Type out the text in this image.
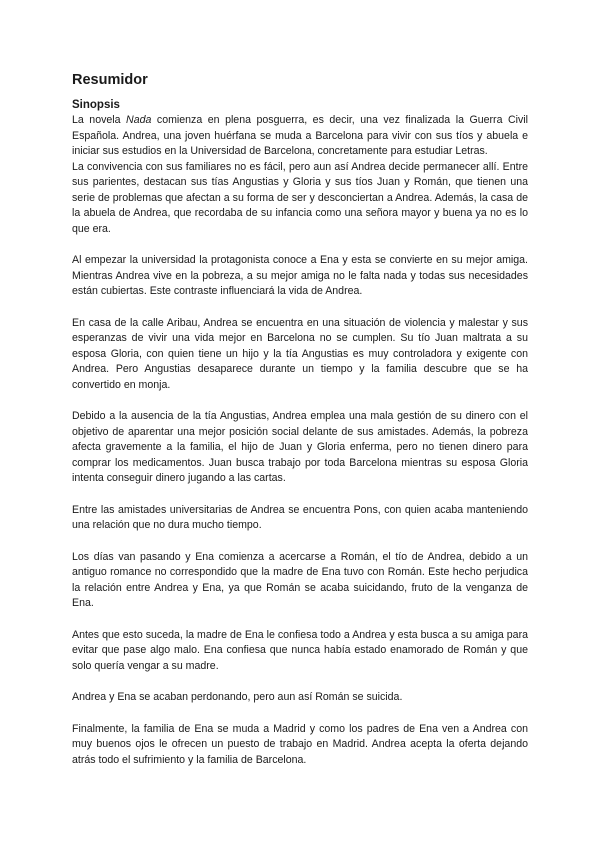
Resumidor
Sinopsis

La novela Nada comienza en plena posguerra, es decir, una vez finalizada la Guerra Civil Española. Andrea, una joven huérfana se muda a Barcelona para vivir con sus tíos y abuela e iniciar sus estudios en la Universidad de Barcelona, concretamente para estudiar Letras.

La convivencia con sus familiares no es fácil, pero aun así Andrea decide permanecer allí. Entre sus parientes, destacan sus tías Angustias y Gloria y sus tíos Juan y Román, que tienen una serie de problemas que afectan a su forma de ser y desconciertan a Andrea. Además, la casa de la abuela de Andrea, que recordaba de su infancia como una señora mayor y buena ya no es lo que era.

Al empezar la universidad la protagonista conoce a Ena y esta se convierte en su mejor amiga. Mientras Andrea vive en la pobreza, a su mejor amiga no le falta nada y todas sus necesidades están cubiertas. Este contraste influenciará la vida de Andrea.

En casa de la calle Aribau, Andrea se encuentra en una situación de violencia y malestar y sus esperanzas de vivir una vida mejor en Barcelona no se cumplen. Su tío Juan maltrata a su esposa Gloria, con quien tiene un hijo y la tía Angustias es muy controladora y exigente con Andrea. Pero Angustias desaparece durante un tiempo y la familia descubre que se ha convertido en monja.

Debido a la ausencia de la tía Angustias, Andrea emplea una mala gestión de su dinero con el objetivo de aparentar una mejor posición social delante de sus amistades. Además, la pobreza afecta gravemente a la familia, el hijo de Juan y Gloria enferma, pero no tienen dinero para comprar los medicamentos. Juan busca trabajo por toda Barcelona mientras su esposa Gloria intenta conseguir dinero jugando a las cartas.

Entre las amistades universitarias de Andrea se encuentra Pons, con quien acaba manteniendo una relación que no dura mucho tiempo.

Los días van pasando y Ena comienza a acercarse a Román, el tío de Andrea, debido a un antiguo romance no correspondido que la madre de Ena tuvo con Román. Este hecho perjudica la relación entre Andrea y Ena, ya que Román se acaba suicidando, fruto de la venganza de Ena.

Antes que esto suceda, la madre de Ena le confiesa todo a Andrea y esta busca a su amiga para evitar que pase algo malo. Ena confiesa que nunca había estado enamorado de Román y que solo quería vengar a su madre.

Andrea y Ena se acaban perdonando, pero aun así Román se suicida.

Finalmente, la familia de Ena se muda a Madrid y como los padres de Ena ven a Andrea con muy buenos ojos le ofrecen un puesto de trabajo en Madrid. Andrea acepta la oferta dejando atrás todo el sufrimiento y la familia de Barcelona.
